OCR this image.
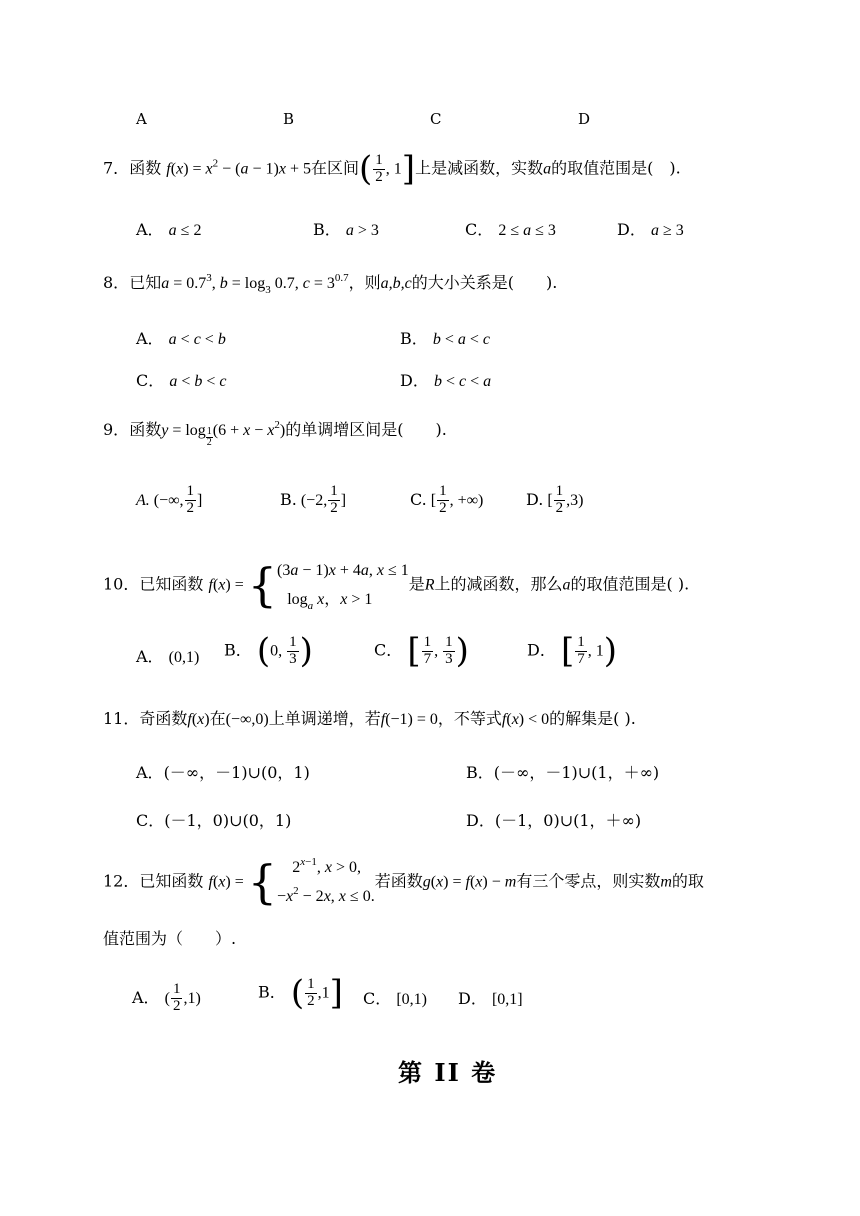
A	B	C	D
7．函数 $f(x) = x^2 - (a - 1)x + 5$在区间( $\frac{1}{2}$ , 1]上是减函数，实数a的取值范围是(　).
A． a ≤ 2	B． a > 3	C． 2 ≤ a ≤ 3	D． a ≥ 3
8．已知$a = 0.7^3$, $b = \log_3 0.7$, $c = 3^{0.7}$，则a,b,c的大小关系是(　　).
A． a < c < b	B． b < a < c
C． a < b < c	D． b < c < a
9．函数$y = \log \frac{1}{2} (6 + x - x^2)$的单调增区间是(　　).
A. (−∞, $\frac{1}{2}$ ]	B. (−2, $\frac{1}{2}$ ]	C. [ $\frac{1}{2}$ , +∞)	D. [ $\frac{1}{2} ,3$)
10．已知函数 f(x) = { (3a − 1)x + 4a, x ≤ 1
$\log_a x$，x > 1
是R上的减函数，那么a的取值范围是( ).
A． (0,1) B． (0, $\frac{1}{3}$ )	C． [ $\frac{1}{7}$ , $\frac{1}{3}$ )	D． [ $\frac{1}{7}$ , 1)
11．奇函数f(x)在(−∞,0)上单调递增，若f(−1) = 0，不等式f(x) < 0的解集是( ).
A．(－∞，－1)∪(0，1)	B．(－∞，－1)∪(1，＋∞)
C．(－1，0)∪(0，1)	D．(－1，0)∪(1，＋∞)
12．已知函数 f(x) = { $2^{x-1}$, x > 0,
$-x^2 - 2x$, x ≤ 0.
若函数g(x) = f(x) − m有三个零点，则实数m的取
值范围为（　　）.
A． ( $\frac{1}{2} ,1$)	B． ( $\frac{1}{2} ,1$] C． [0,1) D． [0,1]
第 II 卷
